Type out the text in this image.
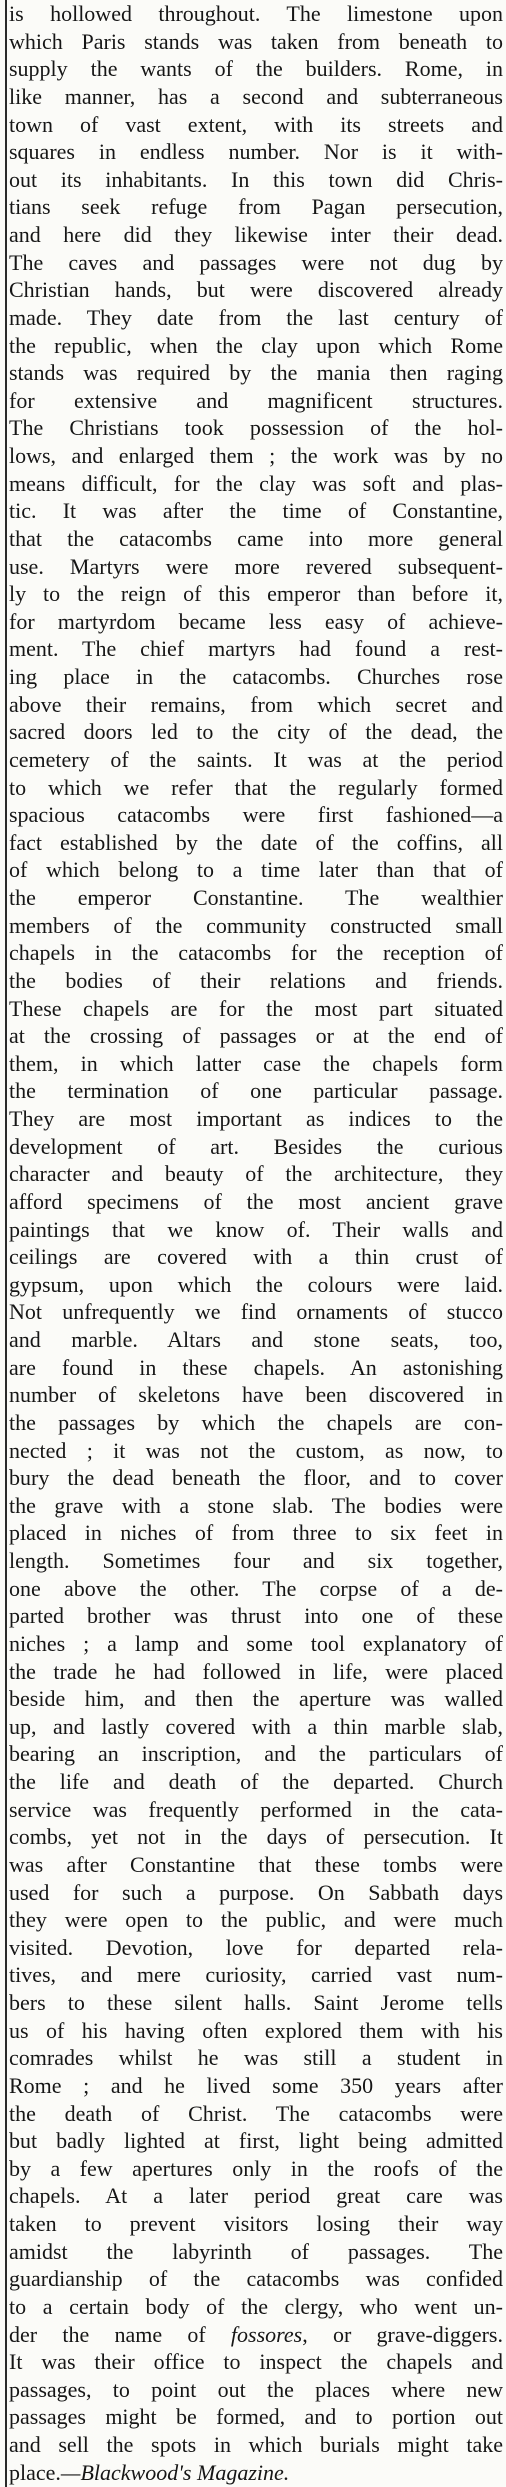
is hollowed throughout. The limestone upon
which Paris stands was taken from beneath to
supply the wants of the builders. Rome, in
like manner, has a second and subterraneous
town of vast extent, with its streets and
squares in endless number. Nor is it with-
out its inhabitants. In this town did Chris-
tians seek refuge from Pagan persecution,
and here did they likewise inter their dead.
The caves and passages were not dug by
Christian hands, but were discovered already
made. They date from the last century of
the republic, when the clay upon which Rome
stands was required by the mania then raging
for extensive and magnificent structures.
The Christians took possession of the hol-
lows, and enlarged them ; the work was by no
means difficult, for the clay was soft and plas-
tic. It was after the time of Constantine,
that the catacombs came into more general
use. Martyrs were more revered subsequent-
ly to the reign of this emperor than before it,
for martyrdom became less easy of achieve-
ment. The chief martyrs had found a rest-
ing place in the catacombs. Churches rose
above their remains, from which secret and
sacred doors led to the city of the dead, the
cemetery of the saints. It was at the period
to which we refer that the regularly formed
spacious catacombs were first fashioned—a
fact established by the date of the coffins, all
of which belong to a time later than that of
the emperor Constantine. The wealthier
members of the community constructed small
chapels in the catacombs for the reception of
the bodies of their relations and friends.
These chapels are for the most part situated
at the crossing of passages or at the end of
them, in which latter case the chapels form
the termination of one particular passage.
They are most important as indices to the
development of art. Besides the curious
character and beauty of the architecture, they
afford specimens of the most ancient grave
paintings that we know of. Their walls and
ceilings are covered with a thin crust of
gypsum, upon which the colours were laid.
Not unfrequently we find ornaments of stucco
and marble. Altars and stone seats, too,
are found in these chapels. An astonishing
number of skeletons have been discovered in
the passages by which the chapels are con-
nected ; it was not the custom, as now, to
bury the dead beneath the floor, and to cover
the grave with a stone slab. The bodies were
placed in niches of from three to six feet in
length. Sometimes four and six together,
one above the other. The corpse of a de-
parted brother was thrust into one of these
niches ; a lamp and some tool explanatory of
the trade he had followed in life, were placed
beside him, and then the aperture was walled
up, and lastly covered with a thin marble slab,
bearing an inscription, and the particulars of
the life and death of the departed. Church
service was frequently performed in the cata-
combs, yet not in the days of persecution. It
was after Constantine that these tombs were
used for such a purpose. On Sabbath days
they were open to the public, and were much
visited. Devotion, love for departed rela-
tives, and mere curiosity, carried vast num-
bers to these silent halls. Saint Jerome tells
us of his having often explored them with his
comrades whilst he was still a student in
Rome ; and he lived some 350 years after
the death of Christ. The catacombs were
but badly lighted at first, light being admitted
by a few apertures only in the roofs of the
chapels. At a later period great care was
taken to prevent visitors losing their way
amidst the labyrinth of passages. The
guardianship of the catacombs was confided
to a certain body of the clergy, who went un-
der the name of fossores, or grave-diggers.
It was their office to inspect the chapels and
passages, to point out the places where new
passages might be formed, and to portion out
and sell the spots in which burials might take
place.—Blackwood's Magazine.
